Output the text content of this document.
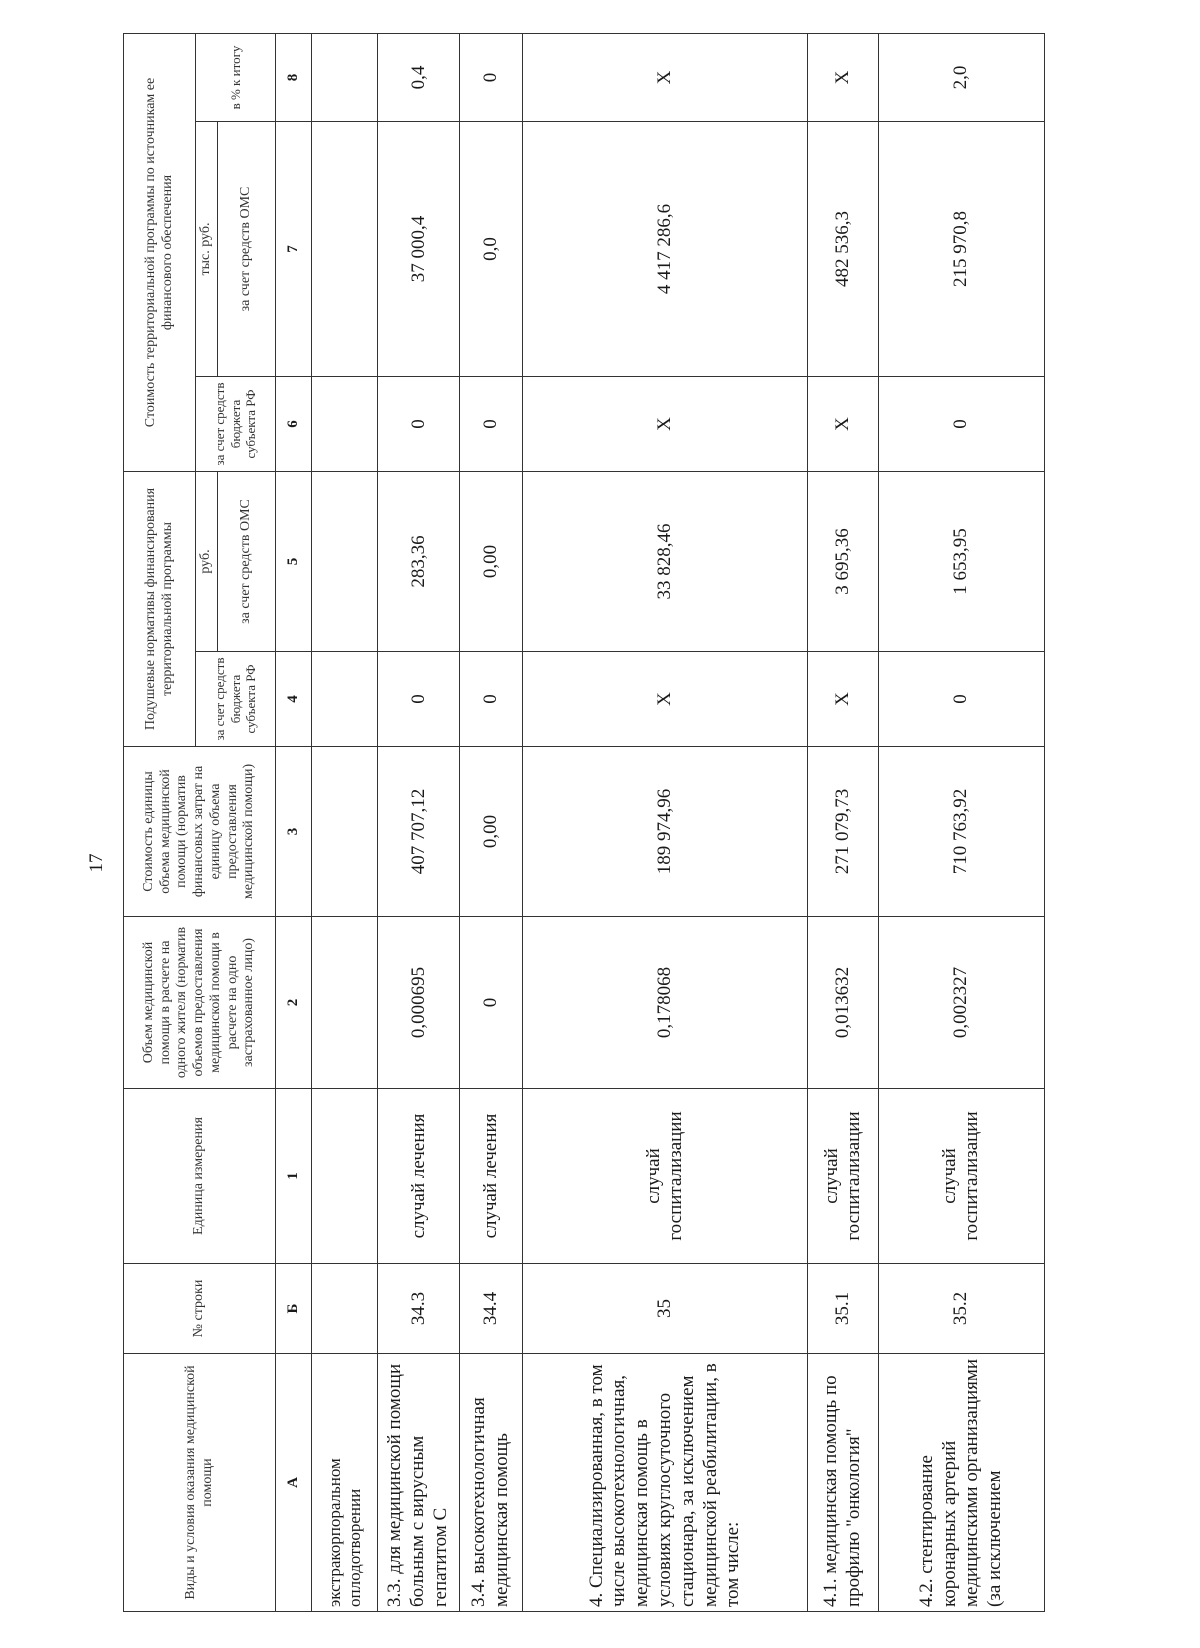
17
Виды и условия оказания медицинской помощи	№ строки	Единица измерения	Объем медицинской помощи в расчете на одного жителя (норматив объемов предоставления медицинской помощи в расчете на одно застрахованное лицо)	Стоимость единицы объема медицинской помощи (норматив финансовых затрат на единицу объема предоставления медицинской помощи)	Подушевые нормативы финансирования территориальной программы		Стоимость территориальной программы по источникам ее финансового обеспечения		
					за счет средств бюджета субъекта РФ	руб.	за счет средств бюджета субъекта РФ	тыс. руб.	в % к итогу
						за счет средств ОМС		за счет средств ОМС	
А	Б	1	2	3	4	5	6	7	8
экстракорпоральном оплодотворении									
3.3. для медицинской помощи больным с вирусным гепатитом С	34.3	случай лечения	0,000695	407 707,12	0	283,36	0	37 000,4	0,4
3.4. высокотехнологичная медицинская помощь	34.4	случай лечения	0	0,00	0	0,00	0	0,0	0
4. Специализированная, в том числе высокотехнологичная, медицинская помощь в условиях круглосуточного стационара, за исключением медицинской реабилитации, в том числе:	35	случай госпитализации	0,178068	189 974,96	Х	33 828,46	Х	4 417 286,6	Х
4.1. медицинская помощь по профилю "онкология"	35.1	случай госпитализации	0,013632	271 079,73	Х	3 695,36	Х	482 536,3	Х
4.2. стентирование коронарных артерий медицинскими организациями (за исключением	35.2	случай госпитализации	0,002327	710 763,92	0	1 653,95	0	215 970,8	2,0
